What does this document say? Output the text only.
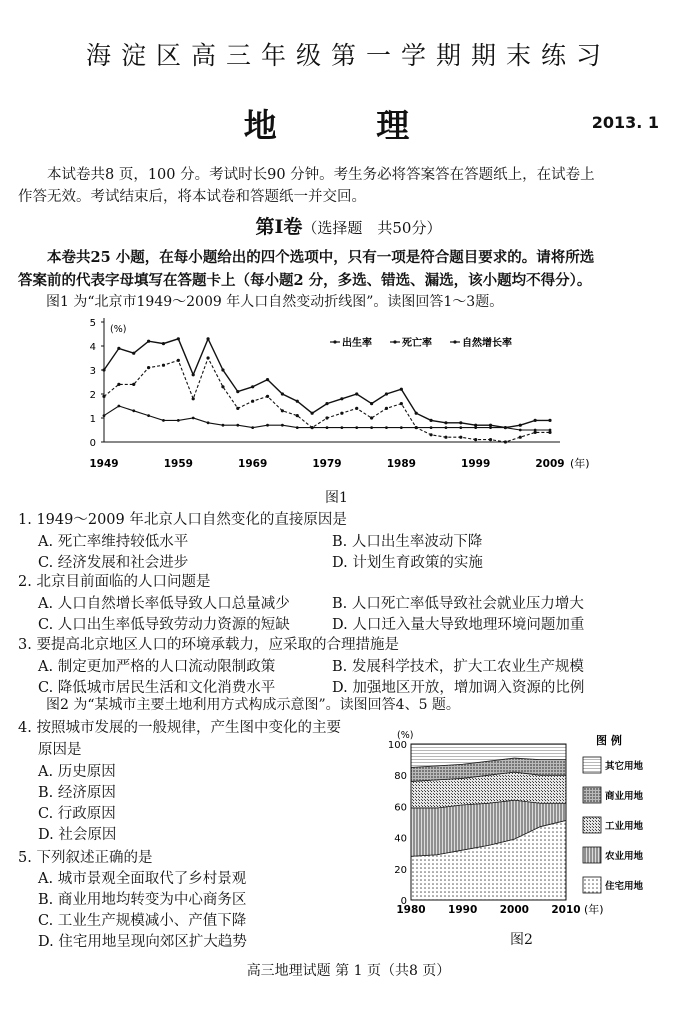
海淀区高三年级第一学期期末练习
地 理	2013. 1
本试卷共8 页，100 分。考试时长90 分钟。考生务必将答案答在答题纸上，在试卷上
作答无效。考试结束后，将本试卷和答题纸一并交回。
第Ⅰ卷（选择题　共50分）
本卷共25 小题，在每小题给出的四个选项中，只有一项是符合题目要求的。请将所选
答案前的代表字母填写在答题卡上（每小题2 分，多选、错选、漏选，该小题均不得分）。
图1 为“北京市1949～2009 年人口自然变动折线图”。读图回答1～3题。
0
1
2
3
4
5
1949	1959	1969	1979	1989	1999	2009
(%)
(年)
出生率	死亡率	自然增长率
图1
1. 1949～2009 年北京人口自然变化的直接原因是
A. 死亡率维持较低水平	B. 人口出生率波动下降
C. 经济发展和社会进步	D. 计划生育政策的实施
2. 北京目前面临的人口问题是
A. 人口自然增长率低导致人口总量减少	B. 人口死亡率低导致社会就业压力增大
C. 人口出生率低导致劳动力资源的短缺	D. 人口迁入量大导致地理环境问题加重
3. 要提高北京地区人口的环境承载力，应采取的合理措施是
A. 制定更加严格的人口流动限制政策	B. 发展科学技术，扩大工农业生产规模
C. 降低城市居民生活和文化消费水平	D. 加强地区开放，增加调入资源的比例
图2 为“某城市主要土地利用方式构成示意图”。读图回答4、5 题。
4. 按照城市发展的一般规律，产生图中变化的主要
原因是
A. 历史原因
B. 经济原因
C. 行政原因
D. 社会原因
5. 下列叙述正确的是
A. 城市景观全面取代了乡村景观
B. 商业用地均转变为中心商务区
C. 工业生产规模减小、产值下降
D. 住宅用地呈现向郊区扩大趋势
0
20
40
60
80
100
1980 1990 2000 2010
(%)
(年)
图 例
其它用地
商业用地
工业用地
农业用地
住宅用地
图2
高三地理试题 第 1 页（共8 页）
